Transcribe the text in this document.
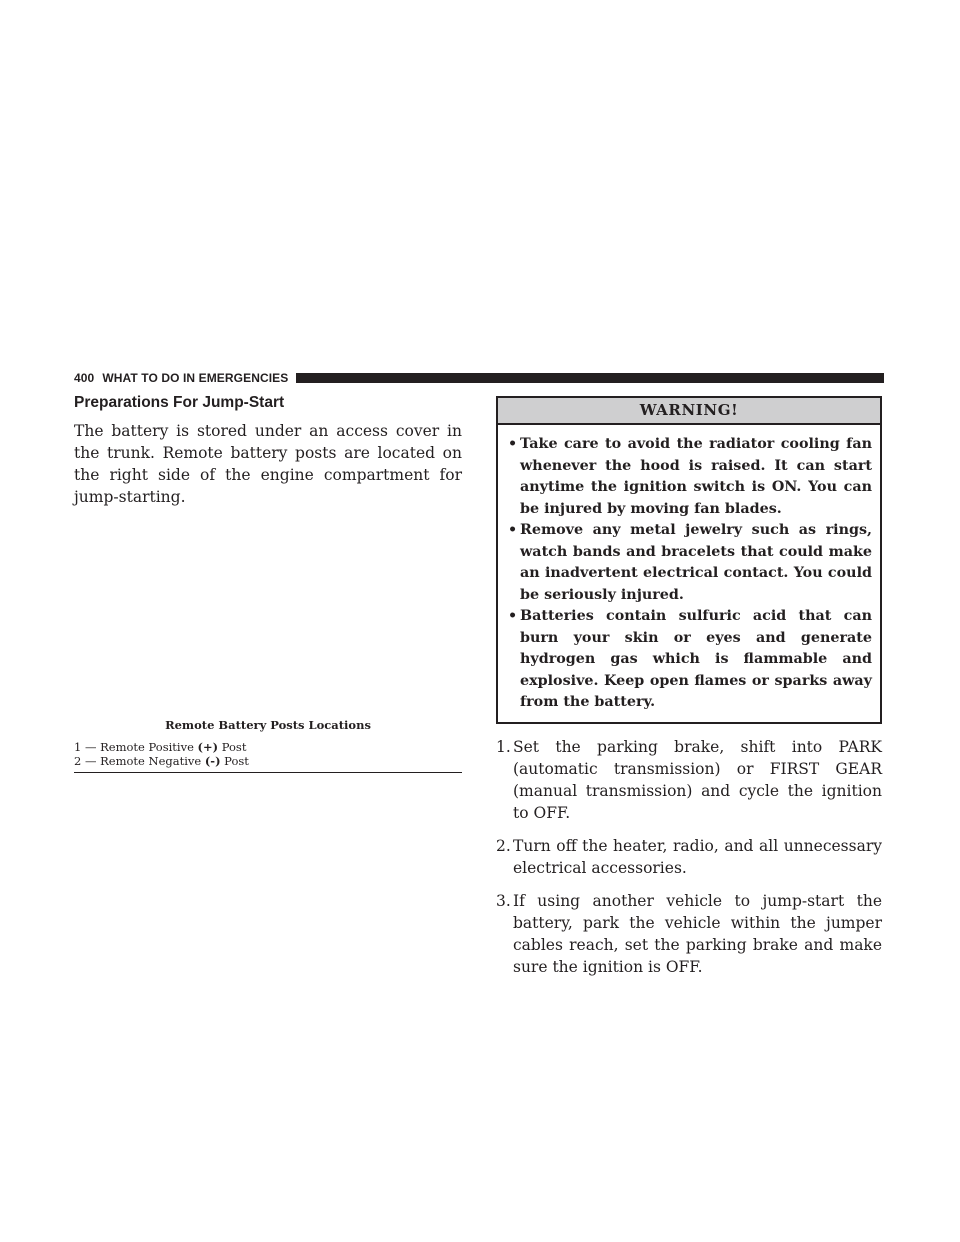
400 WHAT TO DO IN EMERGENCIES
Preparations For Jump-Start

The battery is stored under an access cover in the trunk. Remote battery posts are located on the right side of the engine compartment for jump-starting.

Remote Battery Posts Locations

1 — Remote Positive (+) Post

2 — Remote Negative (-) Post

WARNING!
• Take care to avoid the radiator cooling fan whenever the hood is raised. It can start anytime the ignition switch is ON. You can be injured by moving fan blades.
• Remove any metal jewelry such as rings, watch bands and bracelets that could make an inadvertent electrical contact. You could be seriously injured.
• Batteries contain sulfuric acid that can burn your skin or eyes and generate hydrogen gas which is flammable and explosive. Keep open flames or sparks away from the battery.
1. Set the parking brake, shift into PARK (automatic transmission) or FIRST GEAR (manual transmission) and cycle the ignition to OFF.
2. Turn off the heater, radio, and all unnecessary electrical accessories.
3. If using another vehicle to jump-start the battery, park the vehicle within the jumper cables reach, set the parking brake and make sure the ignition is OFF.
